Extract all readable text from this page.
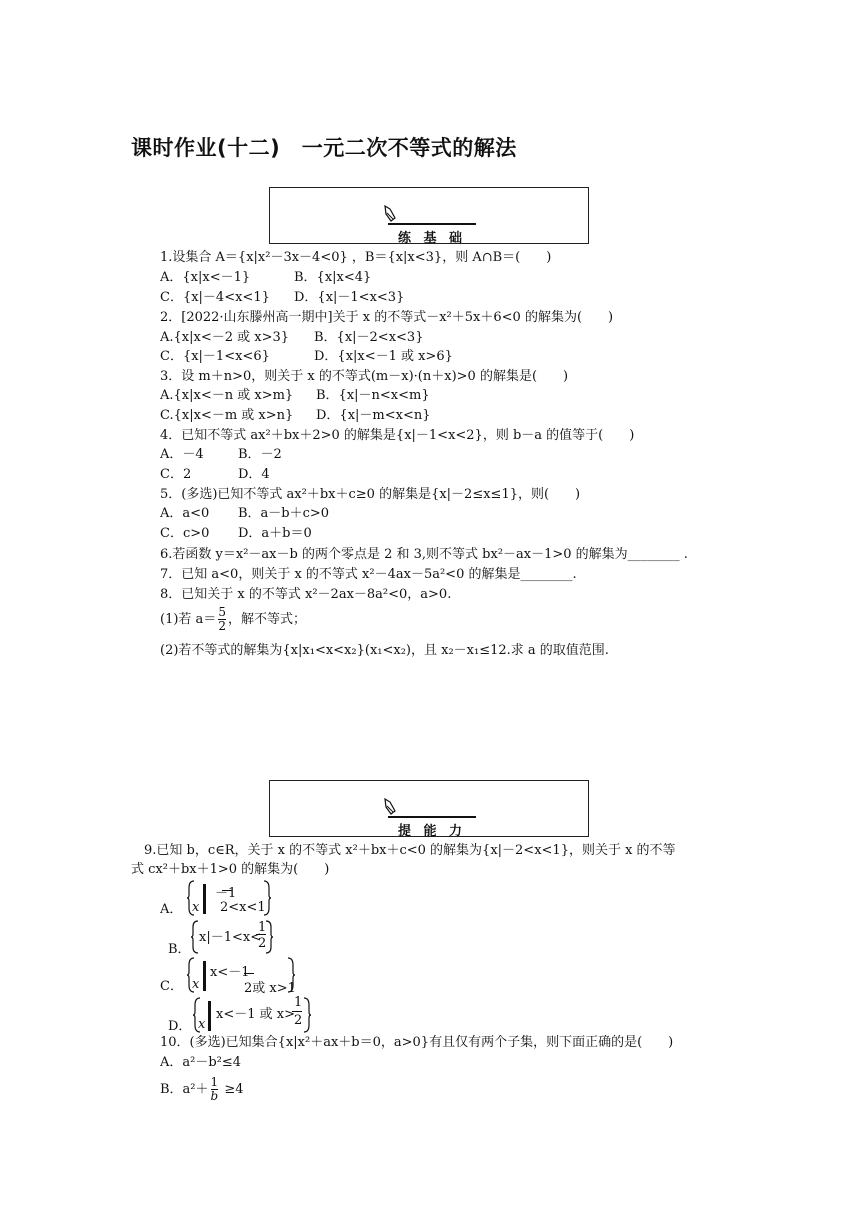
课时作业(十二)　一元二次不等式的解法
练 基 础
1.设集合 A＝{x|x²－3x－4<0} ，B＝{x|x<3}，则 A∩B＝(　　)
A．{x|x<－1}	B．{x|x<4}
C．{x|－4<x<1} D．{x|－1<x<3}
2．[2022·山东滕州高一期中]关于 x 的不等式－x²＋5x＋6<0 的解集为(　　)
A.{x|x<－2 或 x>3} B．{x|－2<x<3}
C．{x|－1<x<6}	D．{x|x<－1 或 x>6}
3．设 m＋n>0，则关于 x 的不等式(m－x)·(n＋x)>0 的解集是(　　)
A.{x|x<－n 或 x>m} B．{x|－n<x<m}
C.{x|x<－m 或 x>n} D．{x|－m<x<n}
4．已知不等式 ax²＋bx＋2>0 的解集是{x|－1<x<2}，则 b－a 的值等于(　　)
A．－4	B．－2
C．2	D．4
5．(多选)已知不等式 ax²＋bx＋c≥0 的解集是{x|－2≤x≤1}，则(　　)
A．a<0 B．a－b＋c>0
C．c>0 D．a＋b＝0
6.若函数 y＝x²－ax－b 的两个零点是 2 和 3,则不等式 bx²－ax－1>0 的解集为________ .
7．已知 a<0，则关于 x 的不等式 x²－4ax－5a²<0 的解集是________.
8．已知关于 x 的不等式 x²－2ax－8a²<0，a>0.
(1)若 $a= \frac{5}{2}$ ，解不等式；
(2)若不等式的解集为{x|x₁<x<x₂}(x₁<x₂)，且 x₂－x₁≤12.求 a 的取值范围.
提 能 力
9.已知 b，c∈R，关于 x 的不等式 x²＋bx＋c<0 的解集为{x|－2<x<1}，则关于 x 的不等
式 cx²＋bx＋1>0 的解集为(　　)
A． x
－1
2<x<1
B．
x|－1<x<
1
2
C． x
x<－1
2或 x>1
D． x
x<－1 或 x>
1
2
10．(多选)已知集合{x|x²＋ax＋b＝0，a>0}有且仅有两个子集，则下面正确的是(　　)
A．a²－b²≤4
B．$a^2+ \frac{1}{b} \ge 4$
